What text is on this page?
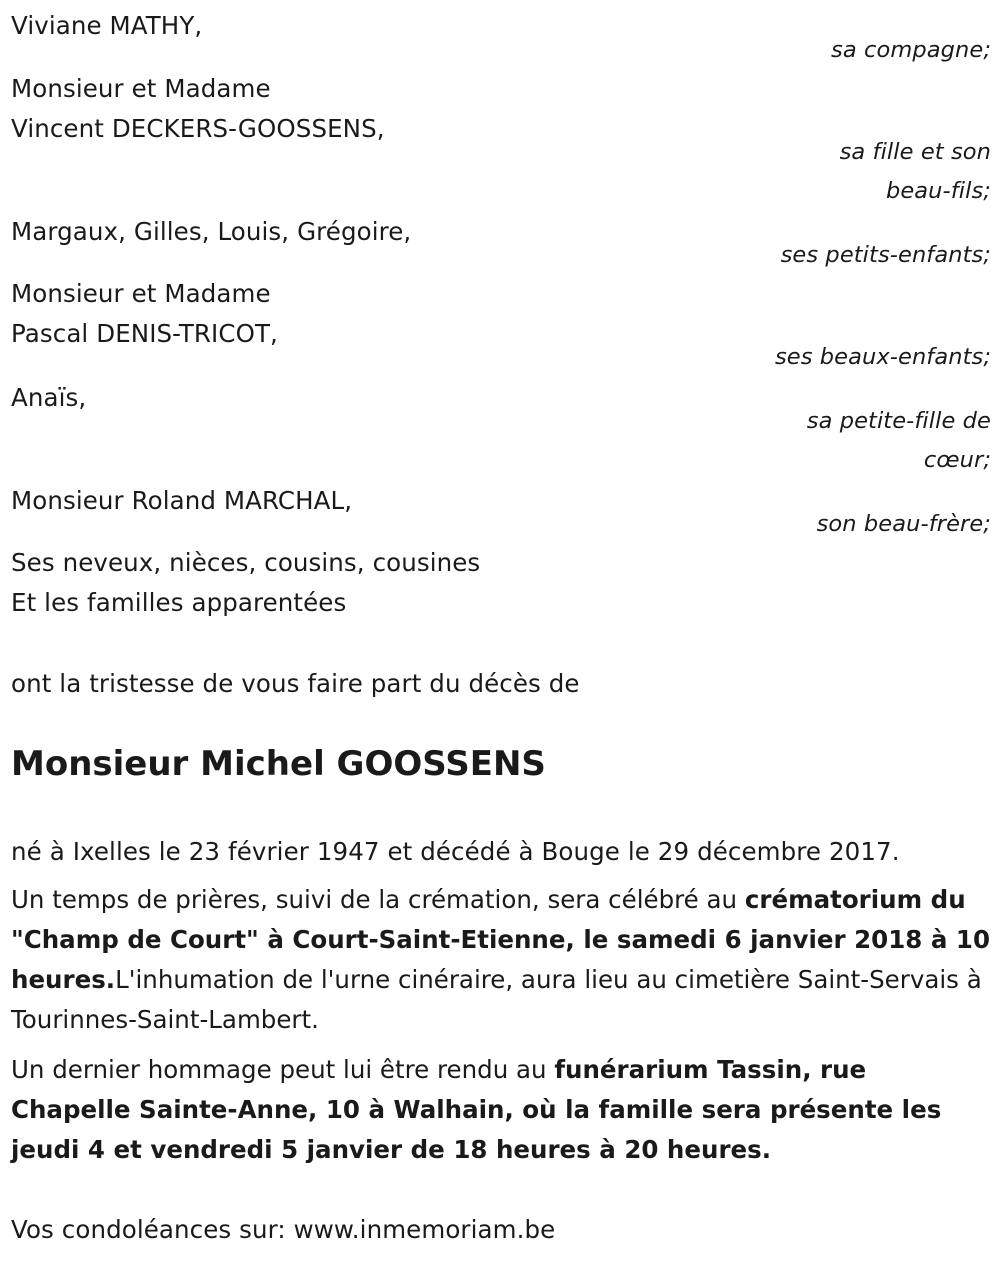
Viviane MATHY,
sa compagne;
Monsieur et Madame
Vincent DECKERS-GOOSSENS,
sa fille et son
beau-fils;
Margaux, Gilles, Louis, Grégoire,
ses petits-enfants;
Monsieur et Madame
Pascal DENIS-TRICOT,
ses beaux-enfants;
Anaïs,
sa petite-fille de
cœur;
Monsieur Roland MARCHAL,
son beau-frère;
Ses neveux, nièces, cousins, cousines
Et les familles apparentées
ont la tristesse de vous faire part du décès de
Monsieur Michel GOOSSENS
né à Ixelles le 23 février 1947 et décédé à Bouge le 29 décembre 2017.
Un temps de prières, suivi de la crémation, sera célébré au crématorium du "Champ de Court" à Court-Saint-Etienne, le samedi 6 janvier 2018 à 10 heures.L'inhumation de l'urne cinéraire, aura lieu au cimetière Saint-Servais à Tourinnes-Saint-Lambert.
Un dernier hommage peut lui être rendu au funérarium Tassin, rue Chapelle Sainte-Anne, 10 à Walhain, où la famille sera présente les jeudi 4 et vendredi 5 janvier de 18 heures à 20 heures.
Vos condoléances sur: www.inmemoriam.be
